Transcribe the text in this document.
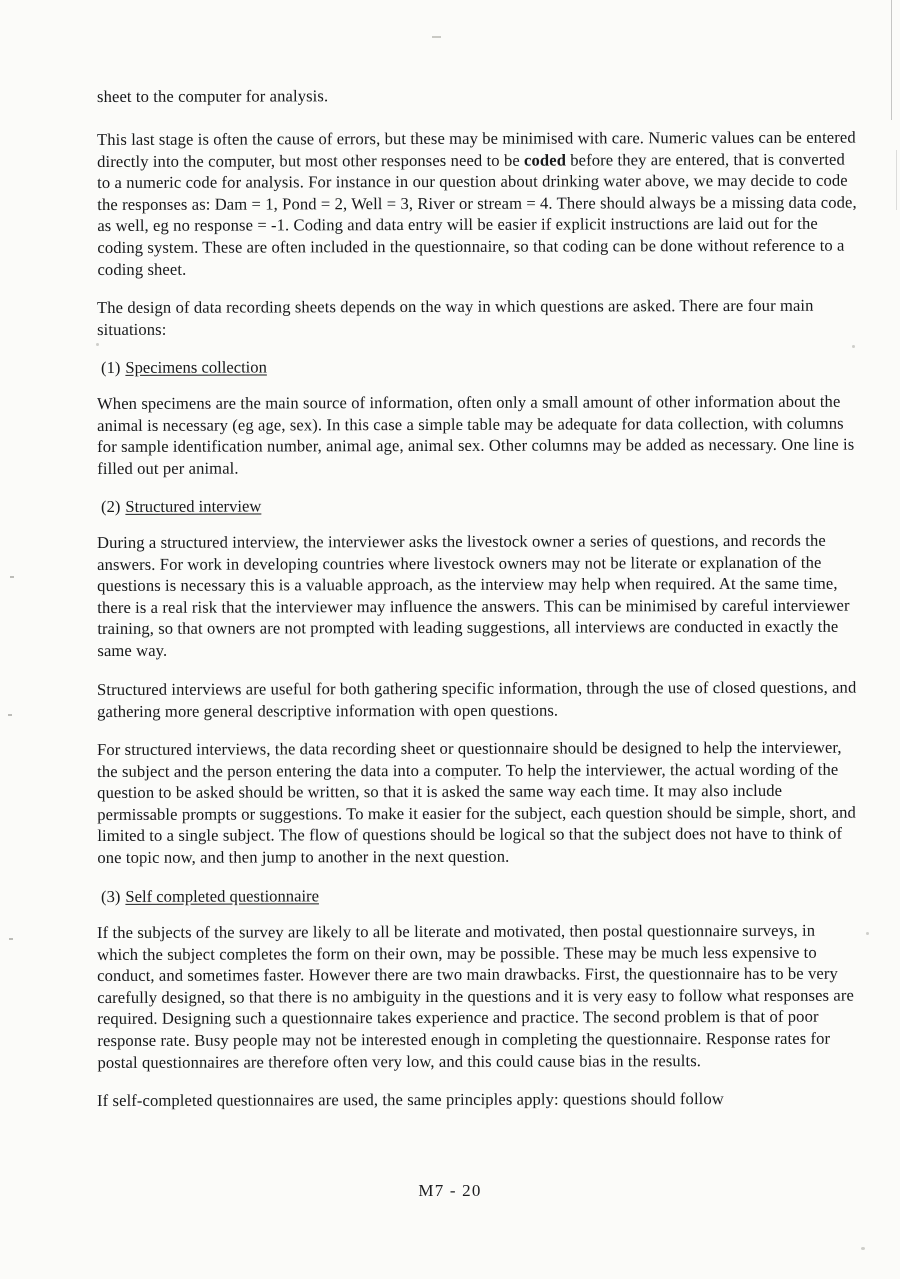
sheet to the computer for analysis.

This last stage is often the cause of errors, but these may be minimised with care. Numeric values can be entered directly into the computer, but most other responses need to be coded before they are entered, that is converted to a numeric code for analysis. For instance in our question about drinking water above, we may decide to code the responses as: Dam = 1, Pond = 2, Well = 3, River or stream = 4. There should always be a missing data code, as well, eg no response = -1. Coding and data entry will be easier if explicit instructions are laid out for the coding system. These are often included in the questionnaire, so that coding can be done without reference to a coding sheet.

The design of data recording sheets depends on the way in which questions are asked. There are four main situations:

(1) Specimens collection

When specimens are the main source of information, often only a small amount of other information about the animal is necessary (eg age, sex). In this case a simple table may be adequate for data collection, with columns for sample identification number, animal age, animal sex. Other columns may be added as necessary. One line is filled out per animal.

(2) Structured interview

During a structured interview, the interviewer asks the livestock owner a series of questions, and records the answers. For work in developing countries where livestock owners may not be literate or explanation of the questions is necessary this is a valuable approach, as the interview may help when required. At the same time, there is a real risk that the interviewer may influence the answers. This can be minimised by careful interviewer training, so that owners are not prompted with leading suggestions, all interviews are conducted in exactly the same way.

Structured interviews are useful for both gathering specific information, through the use of closed questions, and gathering more general descriptive information with open questions.

For structured interviews, the data recording sheet or questionnaire should be designed to help the interviewer, the subject and the person entering the data into a computer. To help the interviewer, the actual wording of the question to be asked should be written, so that it is asked the same way each time. It may also include permissable prompts or suggestions. To make it easier for the subject, each question should be simple, short, and limited to a single subject. The flow of questions should be logical so that the subject does not have to think of one topic now, and then jump to another in the next question.

(3) Self completed questionnaire

If the subjects of the survey are likely to all be literate and motivated, then postal questionnaire surveys, in which the subject completes the form on their own, may be possible. These may be much less expensive to conduct, and sometimes faster. However there are two main drawbacks. First, the questionnaire has to be very carefully designed, so that there is no ambiguity in the questions and it is very easy to follow what responses are required. Designing such a questionnaire takes experience and practice. The second problem is that of poor response rate. Busy people may not be interested enough in completing the questionnaire. Response rates for postal questionnaires are therefore often very low, and this could cause bias in the results.

If self-completed questionnaires are used, the same principles apply: questions should follow

M7 - 20
